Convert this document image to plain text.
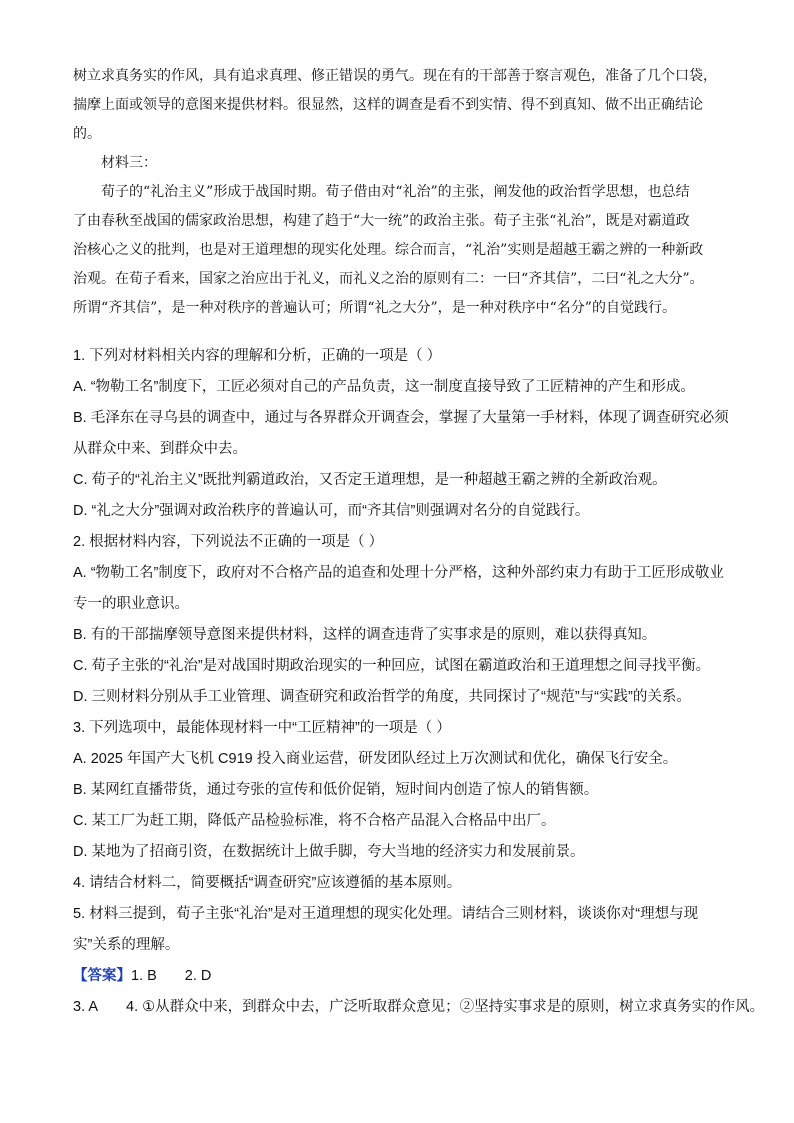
树立求真务实的作风，具有追求真理、修正错误的勇气。现在有的干部善于察言观色，准备了几个口袋，
揣摩上面或领导的意图来提供材料。很显然，这样的调查是看不到实情、得不到真知、做不出正确结论
的。
材料三：
荀子的“礼治主义”形成于战国时期。荀子借由对“礼治”的主张，阐发他的政治哲学思想，也总结
了由春秋至战国的儒家政治思想，构建了趋于“大一统”的政治主张。荀子主张“礼治”，既是对霸道政
治核心之义的批判，也是对王道理想的现实化处理。综合而言，“礼治”实则是超越王霸之辨的一种新政
治观。在荀子看来，国家之治应出于礼义，而礼义之治的原则有二：一曰“齐其信”，二曰“礼之大分”。
所谓“齐其信”，是一种对秩序的普遍认可；所谓“礼之大分”，是一种对秩序中“名分”的自觉践行。
1. 下列对材料相关内容的理解和分析，正确的一项是（ ）
A. “物勒工名”制度下，工匠必须对自己的产品负责，这一制度直接导致了工匠精神的产生和形成。
B. 毛泽东在寻乌县的调查中，通过与各界群众开调查会，掌握了大量第一手材料，体现了调查研究必须
从群众中来、到群众中去。
C. 荀子的“礼治主义”既批判霸道政治，又否定王道理想，是一种超越王霸之辨的全新政治观。
D. “礼之大分”强调对政治秩序的普遍认可，而“齐其信”则强调对名分的自觉践行。
2. 根据材料内容，下列说法不正确的一项是（ ）
A. “物勒工名”制度下，政府对不合格产品的追查和处理十分严格，这种外部约束力有助于工匠形成敬业
专一的职业意识。
B. 有的干部揣摩领导意图来提供材料，这样的调查违背了实事求是的原则，难以获得真知。
C. 荀子主张的“礼治”是对战国时期政治现实的一种回应，试图在霸道政治和王道理想之间寻找平衡。
D. 三则材料分别从手工业管理、调查研究和政治哲学的角度，共同探讨了“规范”与“实践”的关系。
3. 下列选项中，最能体现材料一中“工匠精神”的一项是（ ）
A. 2025 年国产大飞机 C919 投入商业运营，研发团队经过上万次测试和优化，确保飞行安全。
B. 某网红直播带货，通过夸张的宣传和低价促销，短时间内创造了惊人的销售额。
C. 某工厂为赶工期，降低产品检验标准，将不合格产品混入合格品中出厂。
D. 某地为了招商引资，在数据统计上做手脚，夸大当地的经济实力和发展前景。
4. 请结合材料二，简要概括“调查研究”应该遵循的基本原则。
5. 材料三提到，荀子主张“礼治”是对王道理想的现实化处理。请结合三则材料，谈谈你对“理想与现
实”关系的理解。
【答案】1. B 2. D
3. A 4. ①从群众中来，到群众中去，广泛听取群众意见；②坚持实事求是的原则，树立求真务实的作风。
